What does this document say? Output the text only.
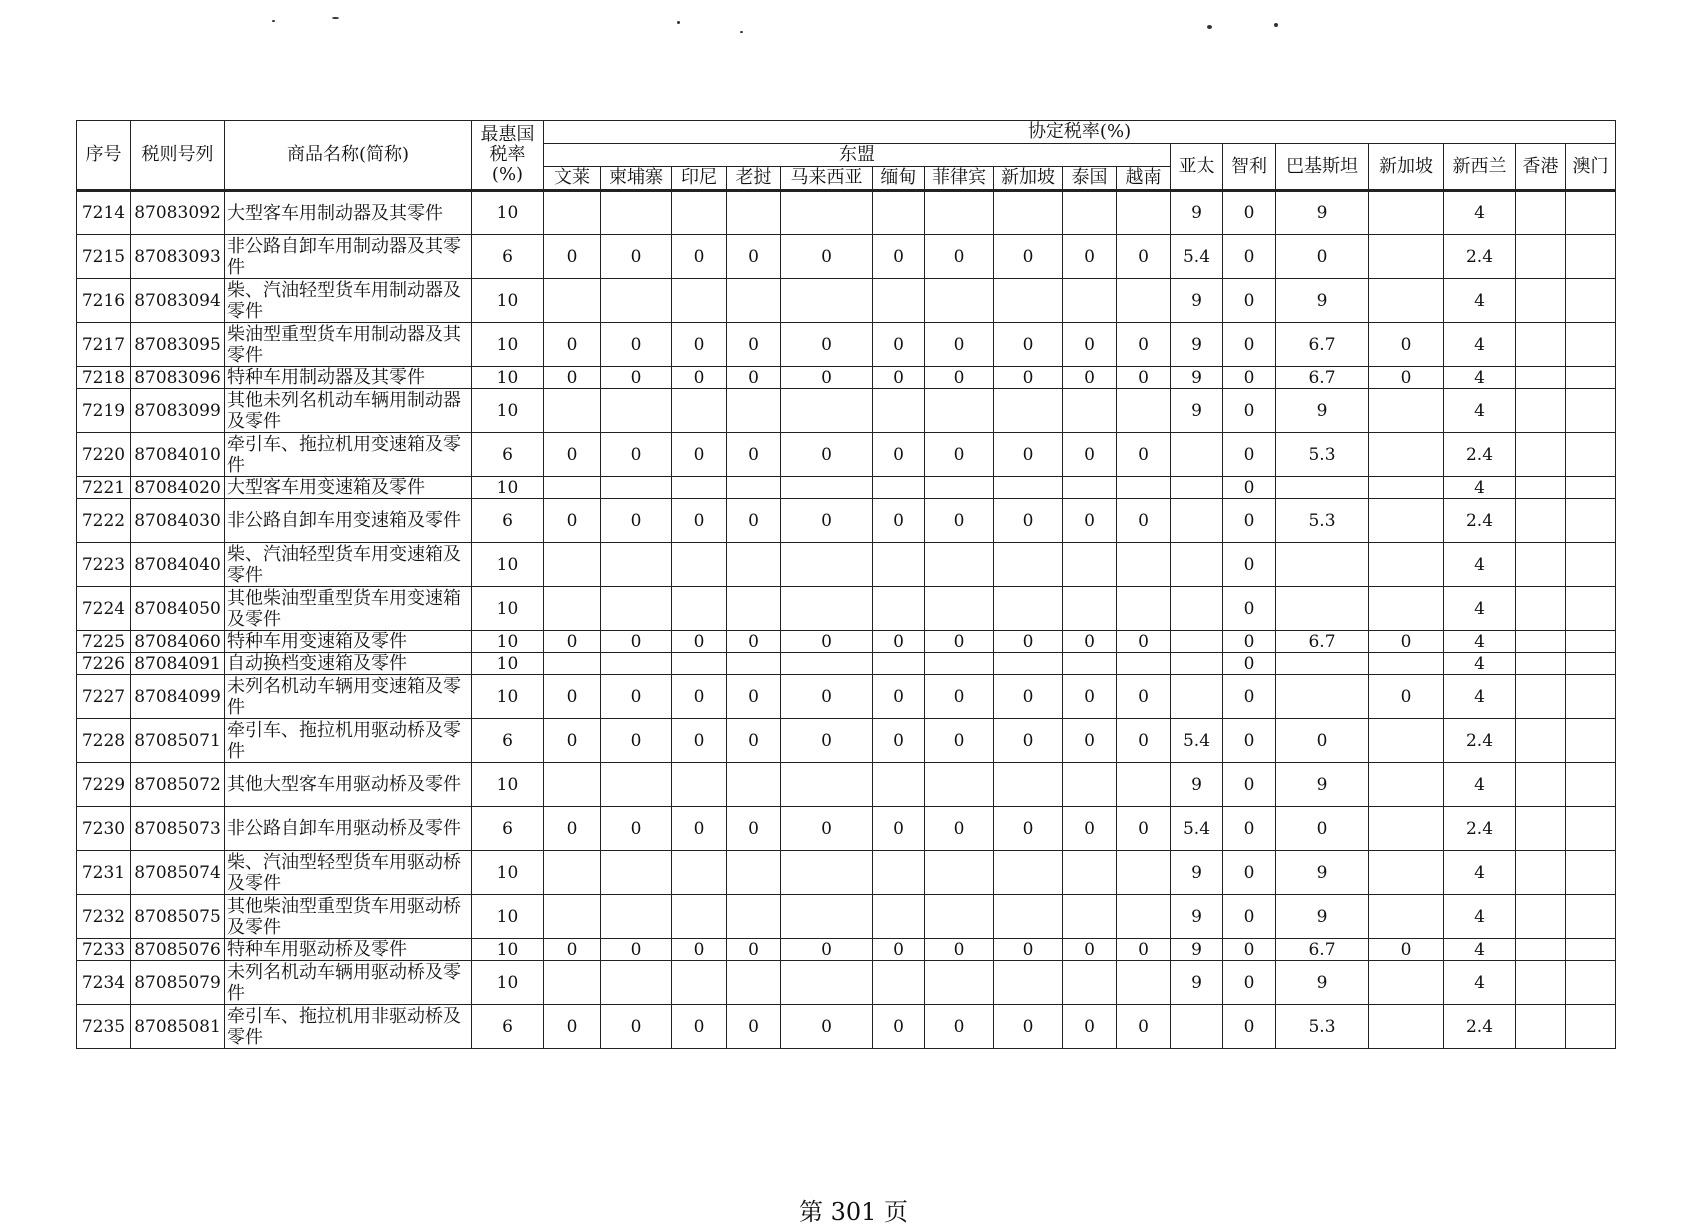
序号	税则号列	商品名称(简称)	最惠国
税率
(%)	协定税率(%)																
				东盟										亚太	智利	巴基斯坦	新加坡	新西兰	香港	澳门
				文莱	柬埔寨	印尼	老挝	马来西亚	缅甸	菲律宾	新加坡	泰国	越南							
7214	87083092	大型客车用制动器及其零件	10											9	0	9		4		
7215	87083093	非公路自卸车用制动器及其零件	6	0	0	0	0	0	0	0	0	0	0	5.4	0	0		2.4		
7216	87083094	柴、汽油轻型货车用制动器及零件	10											9	0	9		4		
7217	87083095	柴油型重型货车用制动器及其零件	10	0	0	0	0	0	0	0	0	0	0	9	0	6.7	0	4		
7218	87083096	特种车用制动器及其零件	10	0	0	0	0	0	0	0	0	0	0	9	0	6.7	0	4		
7219	87083099	其他未列名机动车辆用制动器及零件	10											9	0	9		4		
7220	87084010	牵引车、拖拉机用变速箱及零件	6	0	0	0	0	0	0	0	0	0	0		0	5.3		2.4		
7221	87084020	大型客车用变速箱及零件	10												0			4		
7222	87084030	非公路自卸车用变速箱及零件	6	0	0	0	0	0	0	0	0	0	0		0	5.3		2.4		
7223	87084040	柴、汽油轻型货车用变速箱及零件	10												0			4		
7224	87084050	其他柴油型重型货车用变速箱及零件	10												0			4		
7225	87084060	特种车用变速箱及零件	10	0	0	0	0	0	0	0	0	0	0		0	6.7	0	4		
7226	87084091	自动换档变速箱及零件	10												0			4		
7227	87084099	未列名机动车辆用变速箱及零件	10	0	0	0	0	0	0	0	0	0	0		0		0	4		
7228	87085071	牵引车、拖拉机用驱动桥及零件	6	0	0	0	0	0	0	0	0	0	0	5.4	0	0		2.4		
7229	87085072	其他大型客车用驱动桥及零件	10											9	0	9		4		
7230	87085073	非公路自卸车用驱动桥及零件	6	0	0	0	0	0	0	0	0	0	0	5.4	0	0		2.4		
7231	87085074	柴、汽油型轻型货车用驱动桥及零件	10											9	0	9		4		
7232	87085075	其他柴油型重型货车用驱动桥及零件	10											9	0	9		4		
7233	87085076	特种车用驱动桥及零件	10	0	0	0	0	0	0	0	0	0	0	9	0	6.7	0	4		
7234	87085079	未列名机动车辆用驱动桥及零件	10											9	0	9		4		
7235	87085081	牵引车、拖拉机用非驱动桥及零件	6	0	0	0	0	0	0	0	0	0	0		0	5.3		2.4		
第 301 页
